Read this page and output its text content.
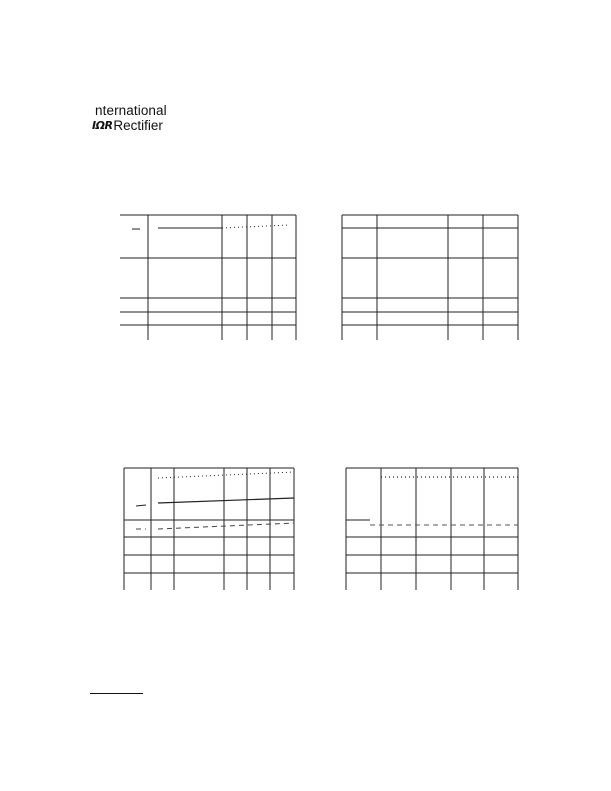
nternational
IΩR Rectifier
